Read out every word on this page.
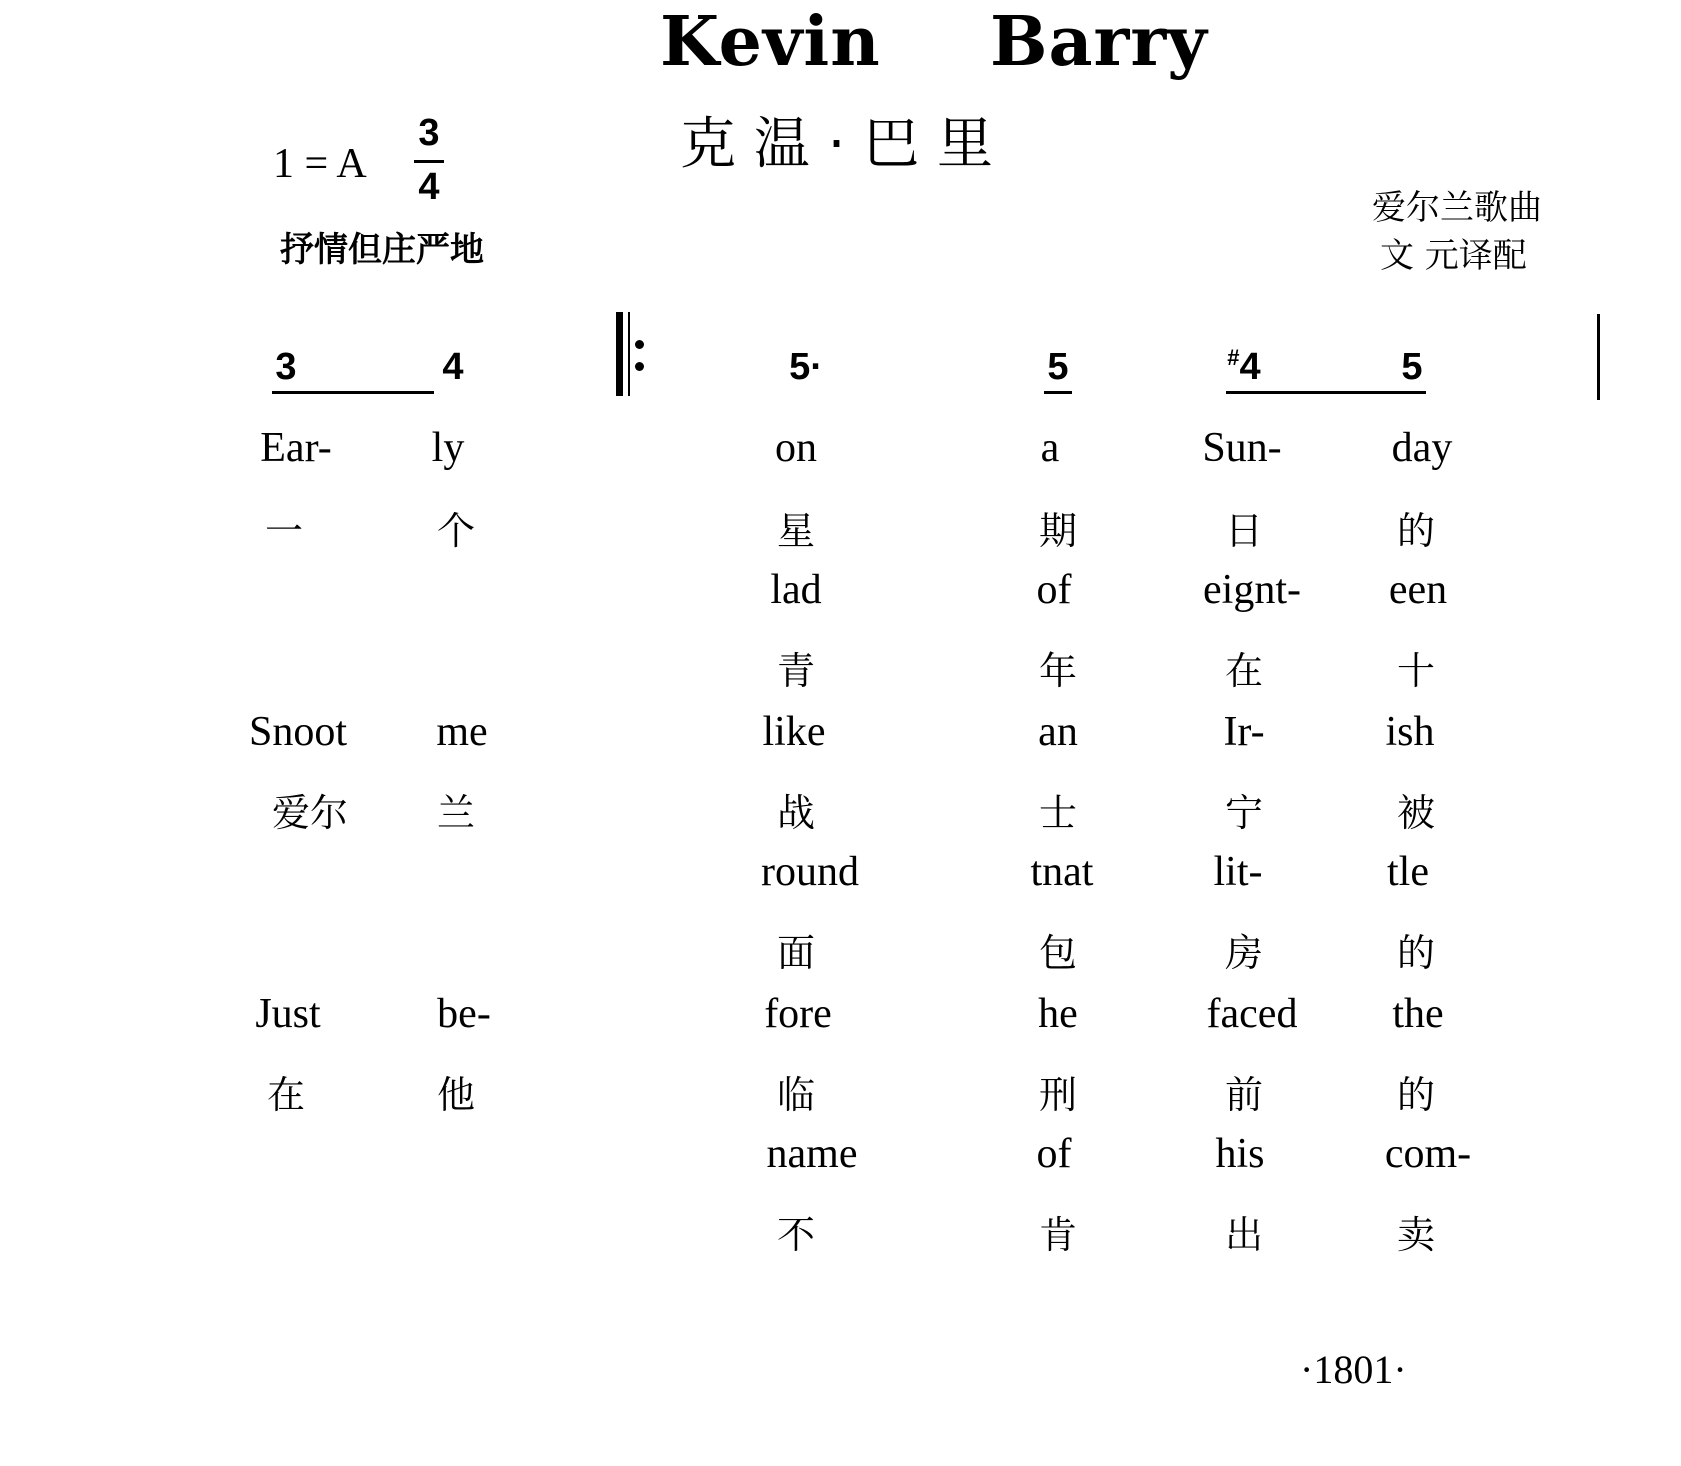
Kevin Barry
克 温 · 巴 里
1 = A
3
4
抒情但庄严地
爱尔兰歌曲
文 元译配
3	4	5·	5	#4	5
Ear-	ly	on	a	Sun-	day
一	个	星	期	日	的
lad	of	eignt-	een
青	年	在	十
Snoot	me	like	an	Ir-	ish
爱尔	兰	战	士	宁	被
round	tnat	lit-	tle
面	包	房	的
Just	be-	fore	he	faced	the
在	他	临	刑	前	的
name	of	his	com-
不	肯	出	卖
·1801·
